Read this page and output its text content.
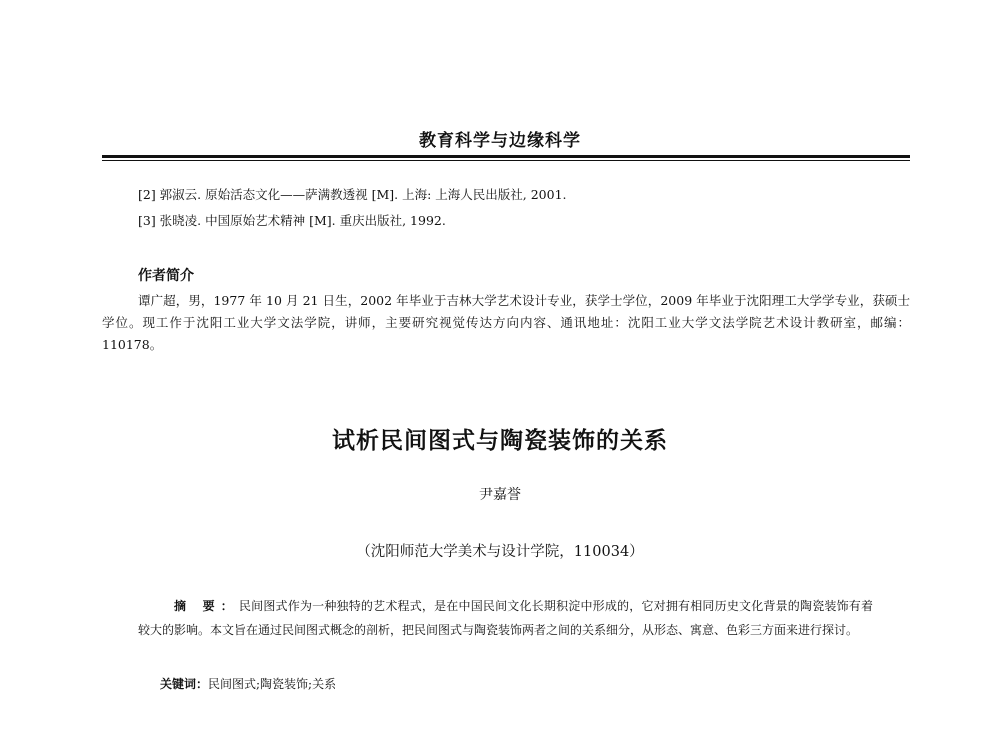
教育科学与边缘科学
[2] 郭淑云. 原始活态文化——萨满教透视 [M]. 上海: 上海人民出版社, 2001.
[3] 张晓凌. 中国原始艺术精神 [M]. 重庆出版社, 1992.
作者简介
谭广超，男，1977 年 10 月 21 日生，2002 年毕业于吉林大学艺术设计专业，获学士学位，2009 年毕业于沈阳理工大学学专业，获硕士学位。现工作于沈阳工业大学文法学院，讲师，主要研究视觉传达方向内容、通讯地址：沈阳工业大学文法学院艺术设计教研室，邮编：110178。
试析民间图式与陶瓷装饰的关系
尹嘉誉
（沈阳师范大学美术与设计学院，110034）
摘 要：民间图式作为一种独特的艺术程式，是在中国民间文化长期积淀中形成的，它对拥有相同历史文化背景的陶瓷装饰有着较大的影响。本文旨在通过民间图式概念的剖析，把民间图式与陶瓷装饰两者之间的关系细分，从形态、寓意、色彩三方面来进行探讨。
关键词：民间图式;陶瓷装饰;关系
